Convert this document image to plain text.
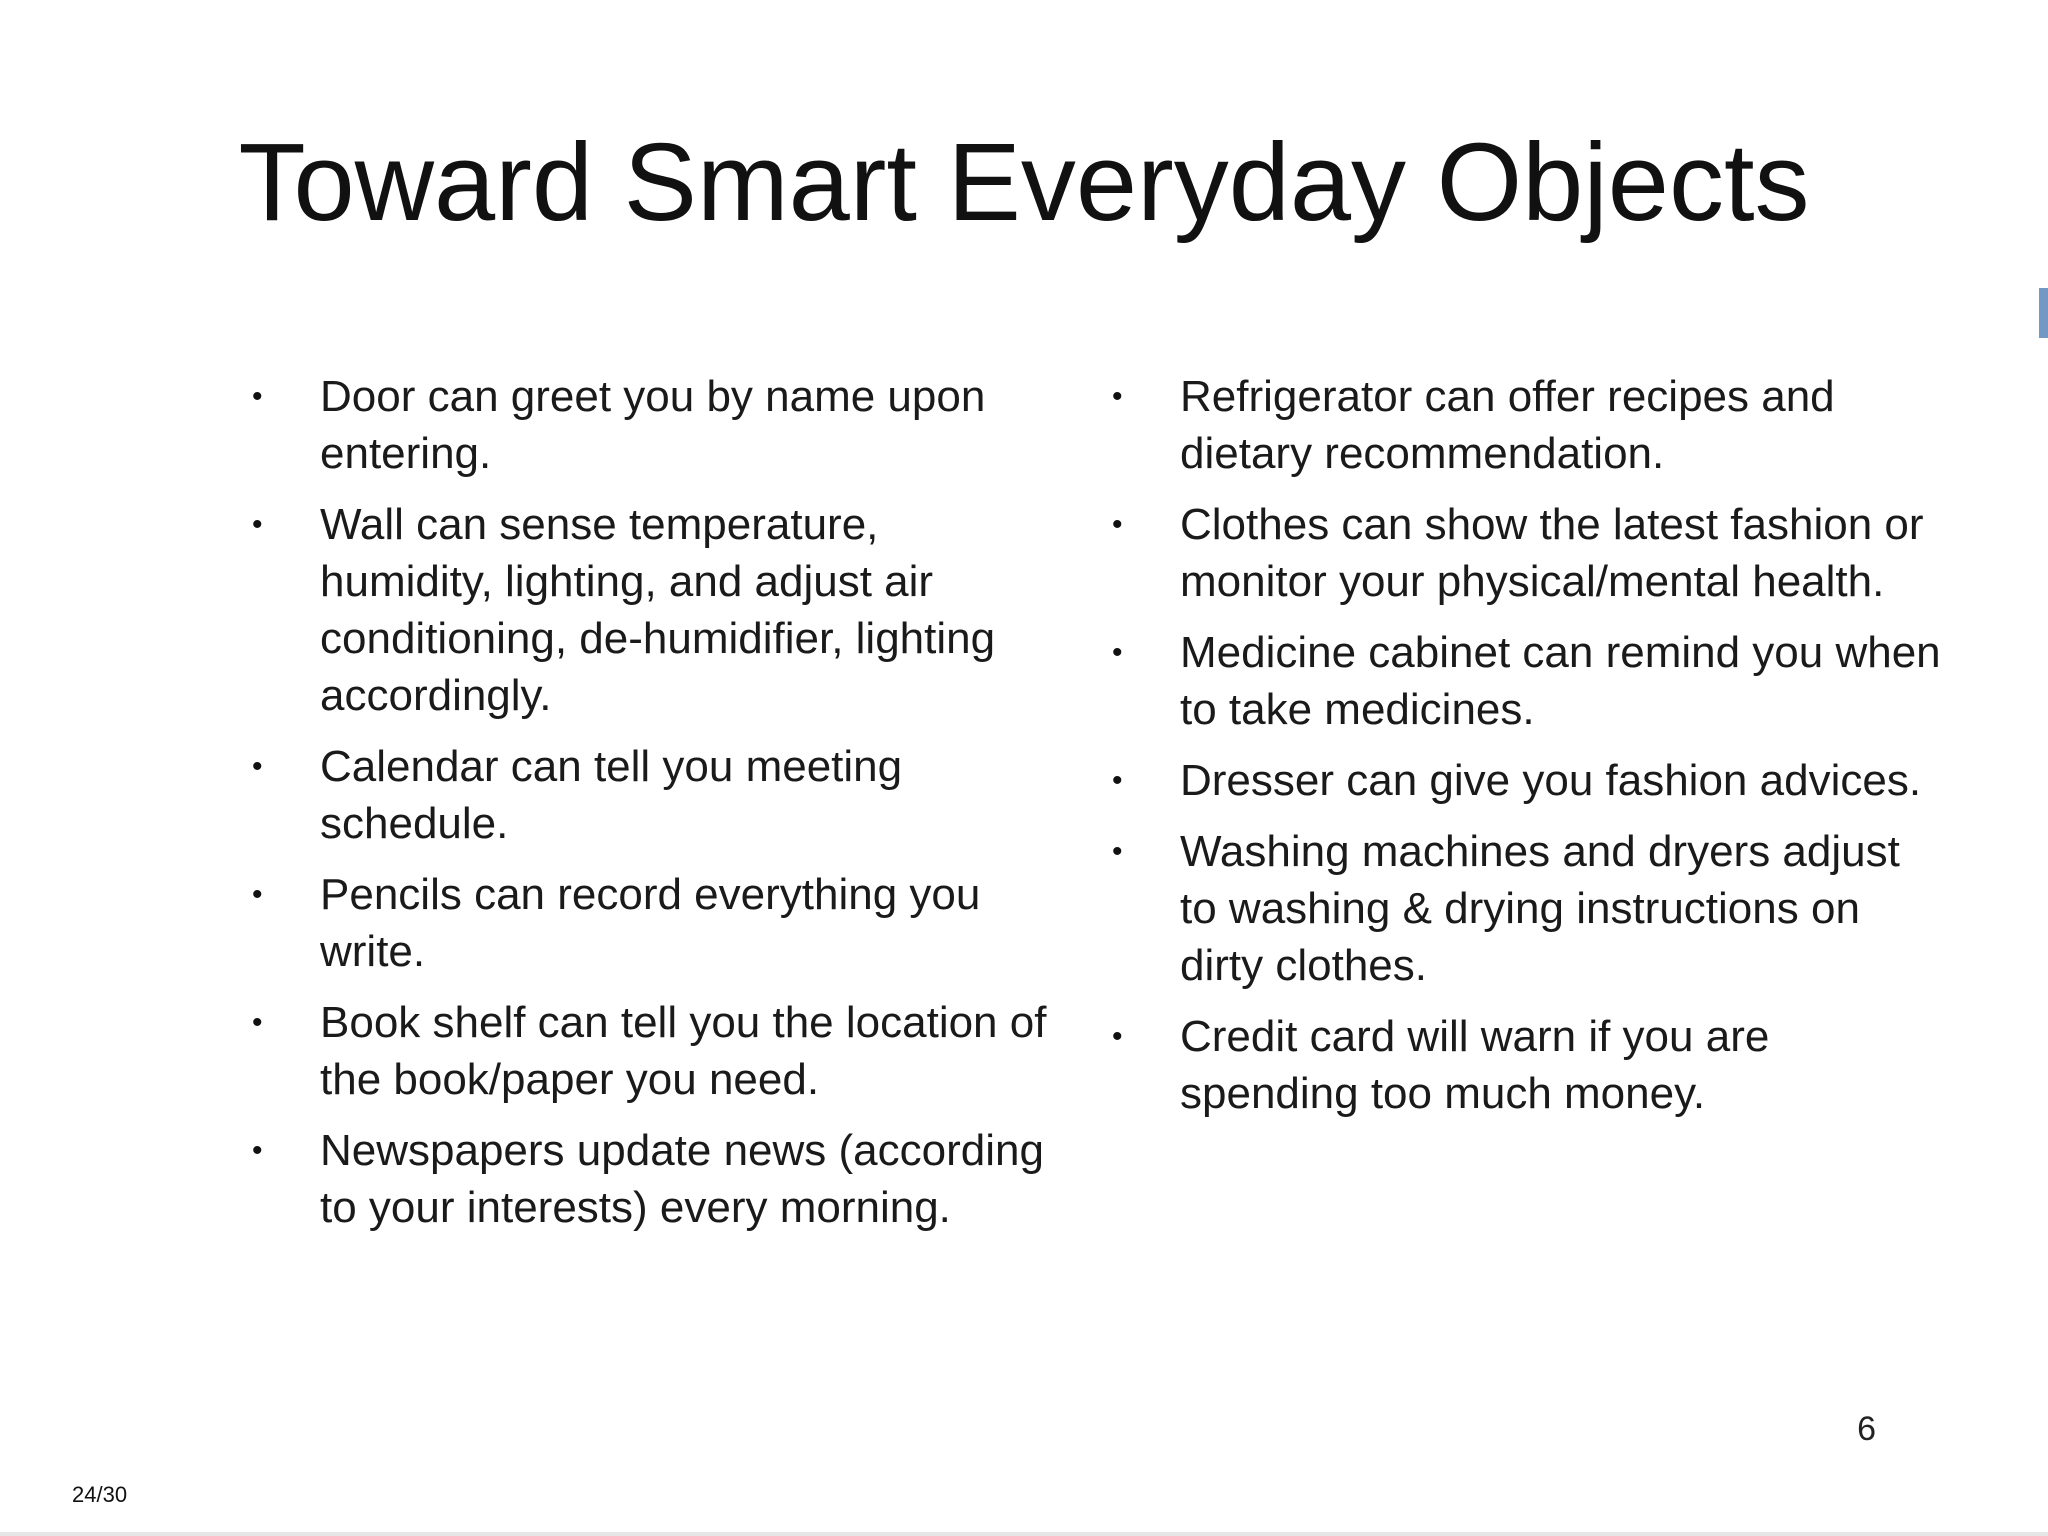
Toward Smart Everyday Objects
• Door can greet you by name upon entering.
• Wall can sense temperature, humidity, lighting, and adjust air conditioning, de-humidifier, lighting accordingly.
• Calendar can tell you meeting schedule.
• Pencils can record everything you write.
• Book shelf can tell you the location of the book/paper you need.
• Newspapers update news (according to your interests) every morning.
• Refrigerator can offer recipes and dietary recommendation.
• Clothes can show the latest fashion or monitor your physical/mental health.
• Medicine cabinet can remind you when to take medicines.
• Dresser can give you fashion advices.
• Washing machines and dryers adjust to washing & drying instructions on dirty clothes.
• Credit card will warn if you are spending too much money.
6
24/30
